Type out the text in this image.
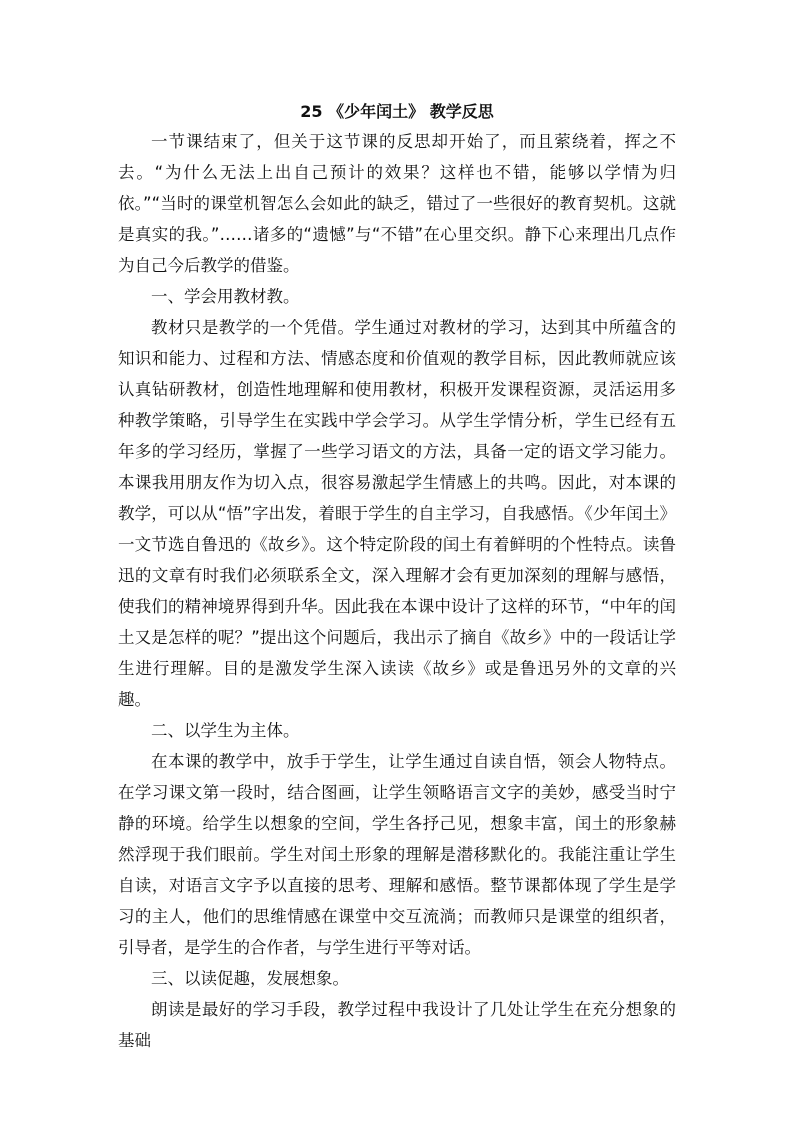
25 《少年闰土》 教学反思

一节课结束了，但关于这节课的反思却开始了，而且萦绕着，挥之不去。“为什么无法上出自己预计的效果？这样也不错，能够以学情为归依。”“当时的课堂机智怎么会如此的缺乏，错过了一些很好的教育契机。这就是真实的我。”……诸多的“遗憾”与“不错”在心里交织。静下心来理出几点作为自己今后教学的借鉴。

一、学会用教材教。

教材只是教学的一个凭借。学生通过对教材的学习，达到其中所蕴含的知识和能力、过程和方法、情感态度和价值观的教学目标，因此教师就应该认真钻研教材，创造性地理解和使用教材，积极开发课程资源，灵活运用多种教学策略，引导学生在实践中学会学习。从学生学情分析，学生已经有五年多的学习经历，掌握了一些学习语文的方法，具备一定的语文学习能力。本课我用朋友作为切入点，很容易激起学生情感上的共鸣。因此，对本课的教学，可以从“悟”字出发，着眼于学生的自主学习，自我感悟。《少年闰土》一文节选自鲁迅的《故乡》。这个特定阶段的闰土有着鲜明的个性特点。读鲁迅的文章有时我们必须联系全文，深入理解才会有更加深刻的理解与感悟，使我们的精神境界得到升华。因此我在本课中设计了这样的环节，“中年的闰土又是怎样的呢？”提出这个问题后，我出示了摘自《故乡》中的一段话让学生进行理解。目的是激发学生深入读读《故乡》或是鲁迅另外的文章的兴趣。

二、以学生为主体。

在本课的教学中，放手于学生，让学生通过自读自悟，领会人物特点。在学习课文第一段时，结合图画，让学生领略语言文字的美妙，感受当时宁静的环境。给学生以想象的空间，学生各抒己见，想象丰富，闰土的形象赫然浮现于我们眼前。学生对闰土形象的理解是潜移默化的。我能注重让学生自读，对语言文字予以直接的思考、理解和感悟。整节课都体现了学生是学习的主人，他们的思维情感在课堂中交互流淌；而教师只是课堂的组织者，引导者，是学生的合作者，与学生进行平等对话。

三、以读促趣，发展想象。

朗读是最好的学习手段，教学过程中我设计了几处让学生在充分想象的基础
